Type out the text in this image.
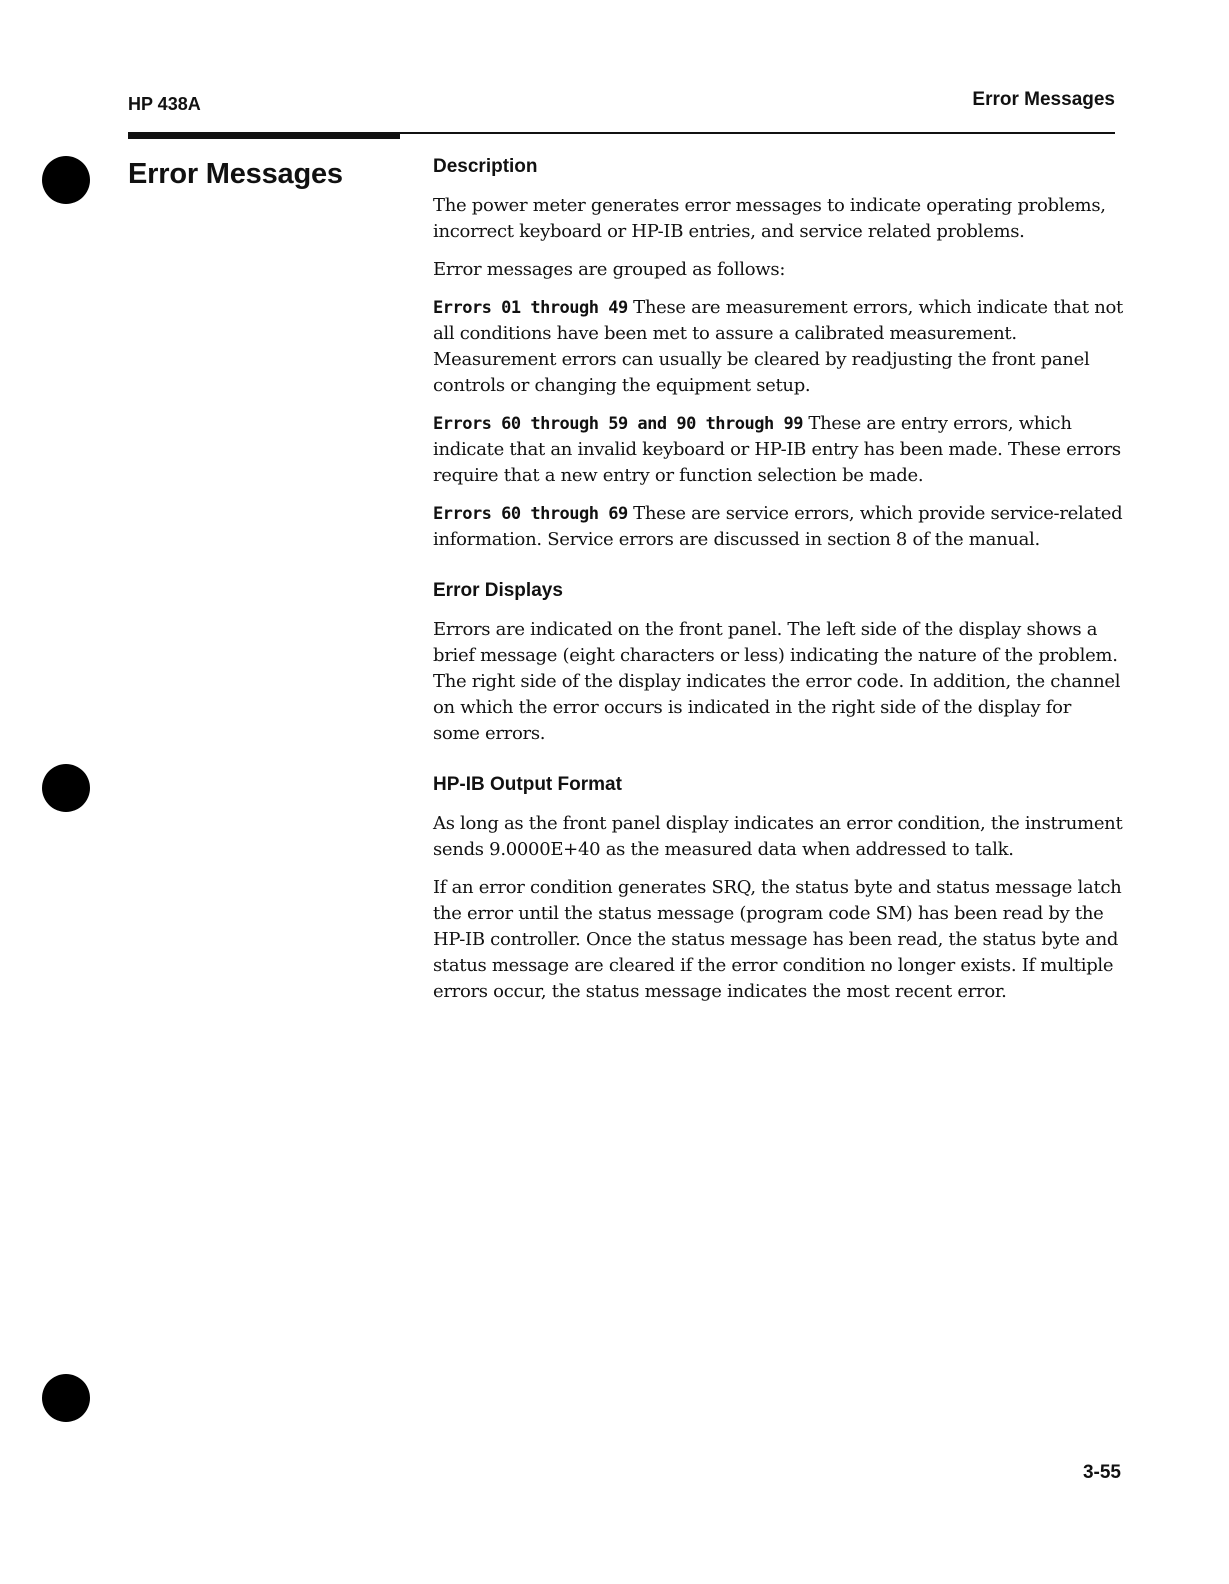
HP 438A	Error Messages
Error Messages	Description

The power meter generates error messages to indicate operating problems, incorrect keyboard or HP-IB entries, and service related problems.

Error messages are grouped as follows:

Errors 01 through 49 These are measurement errors, which indicate that not all conditions have been met to assure a calibrated measurement. Measurement errors can usually be cleared by readjusting the front panel controls or changing the equipment setup.

Errors 60 through 59 and 90 through 99 These are entry errors, which indicate that an invalid keyboard or HP-IB entry has been made. These errors require that a new entry or function selection be made.

Errors 60 through 69 These are service errors, which provide service-related information. Service errors are discussed in section 8 of the manual.

Error Displays

Errors are indicated on the front panel. The left side of the display shows a brief message (eight characters or less) indicating the nature of the problem. The right side of the display indicates the error code. In addition, the channel on which the error occurs is indicated in the right side of the display for some errors.

HP-IB Output Format

As long as the front panel display indicates an error condition, the instrument sends 9.0000E+40 as the measured data when addressed to talk.

If an error condition generates SRQ, the status byte and status message latch the error until the status message (program code SM) has been read by the HP-IB controller. Once the status message has been read, the status byte and status message are cleared if the error condition no longer exists. If multiple errors occur, the status message indicates the most recent error.

3-55
